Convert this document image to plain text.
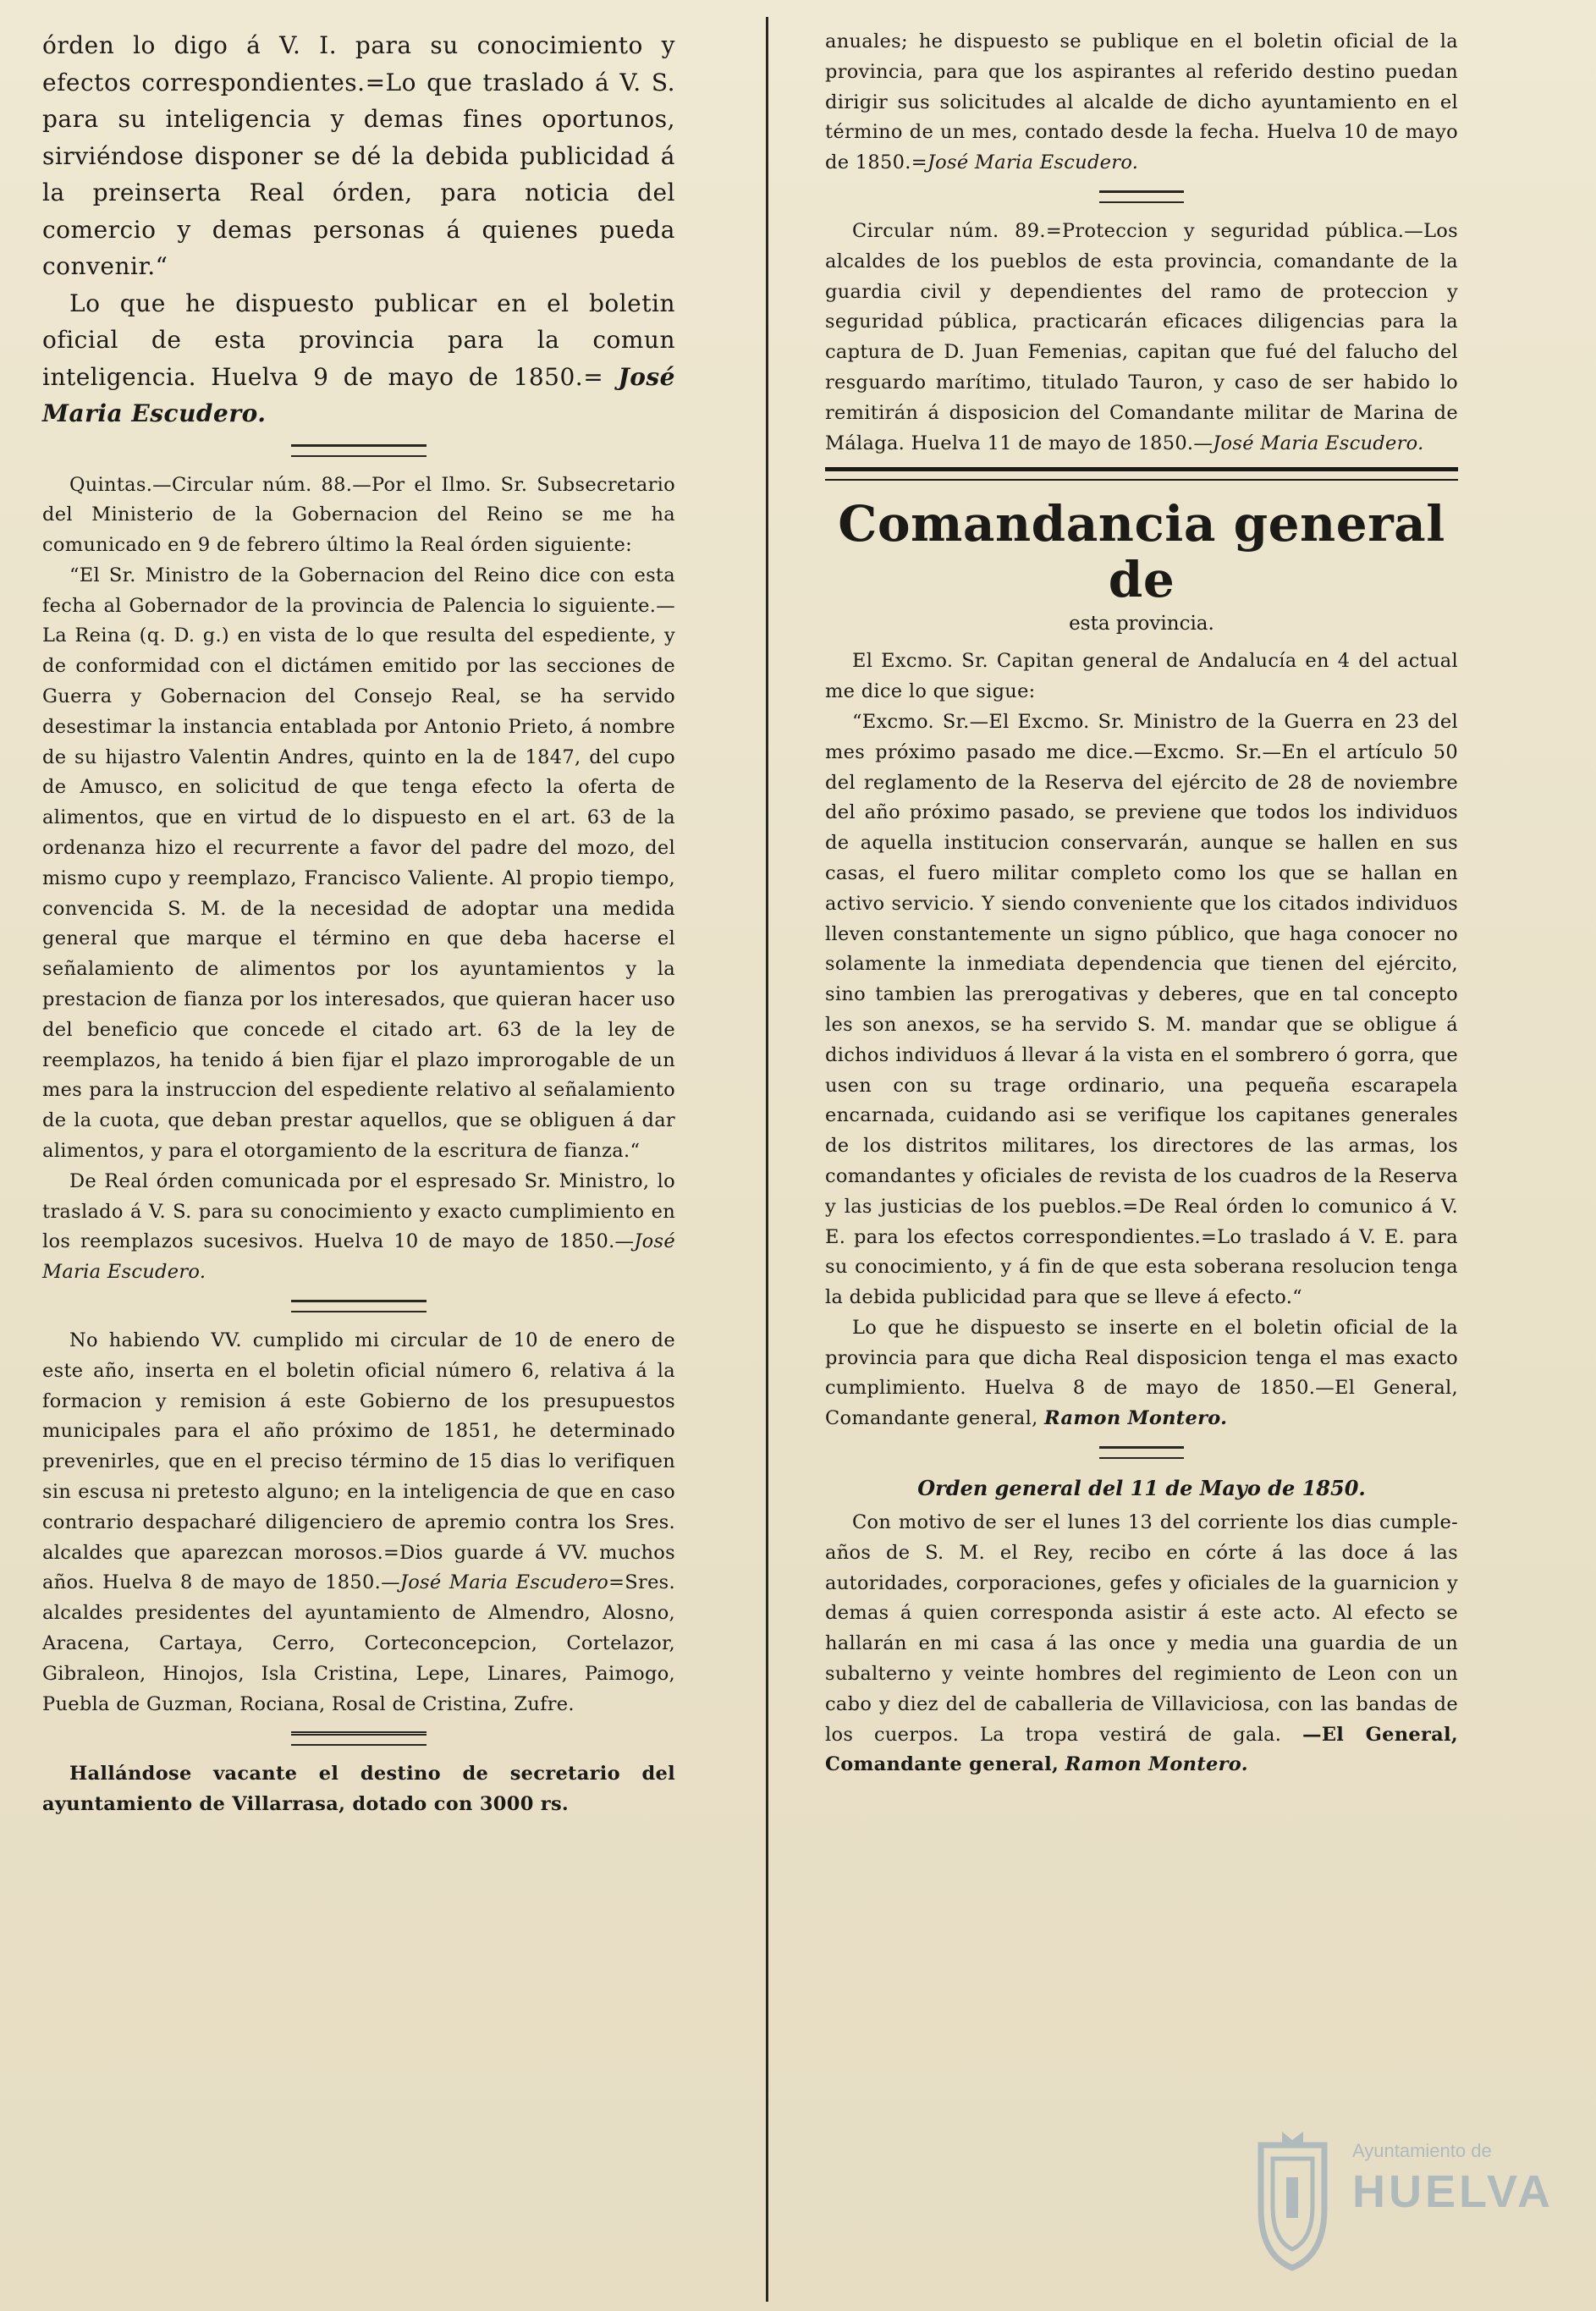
órden lo digo á V. I. para su conocimiento y efectos correspondientes.=Lo que traslado á V. S. para su inteligencia y demas fines oportunos, sirviéndose disponer se dé la debida publicidad á la preinserta Real órden, para noticia del comercio y demas personas á quienes pueda convenir.“

Lo que he dispuesto publicar en el boletin oficial de esta provincia para la comun inteligencia. Huelva 9 de mayo de 1850.= José Maria Escudero.

Quintas.—Circular núm. 88.—Por el Ilmo. Sr. Subsecretario del Ministerio de la Gobernacion del Reino se me ha comunicado en 9 de febrero último la Real órden siguiente:

“El Sr. Ministro de la Gobernacion del Reino dice con esta fecha al Gobernador de la provincia de Palencia lo siguiente.—La Reina (q. D. g.) en vista de lo que resulta del espediente, y de conformidad con el dictámen emitido por las secciones de Guerra y Gobernacion del Consejo Real, se ha servido desestimar la instancia entablada por Antonio Prieto, á nombre de su hijastro Valentin Andres, quinto en la de 1847, del cupo de Amusco, en solicitud de que tenga efecto la oferta de alimentos, que en virtud de lo dispuesto en el art. 63 de la ordenanza hizo el recurrente a favor del padre del mozo, del mismo cupo y reemplazo, Francisco Valiente. Al propio tiempo, convencida S. M. de la necesidad de adoptar una medida general que marque el término en que deba hacerse el señalamiento de alimentos por los ayuntamientos y la prestacion de fianza por los interesados, que quieran hacer uso del beneficio que concede el citado art. 63 de la ley de reemplazos, ha tenido á bien fijar el plazo improrogable de un mes para la instruccion del espediente relativo al señalamiento de la cuota, que deban prestar aquellos, que se obliguen á dar alimentos, y para el otorgamiento de la escritura de fianza.“

De Real órden comunicada por el espresado Sr. Ministro, lo traslado á V. S. para su conocimiento y exacto cumplimiento en los reemplazos sucesivos. Huelva 10 de mayo de 1850.—José Maria Escudero.

No habiendo VV. cumplido mi circular de 10 de enero de este año, inserta en el boletin oficial número 6, relativa á la formacion y remision á este Gobierno de los presupuestos municipales para el año próximo de 1851, he determinado prevenirles, que en el preciso término de 15 dias lo verifiquen sin escusa ni pretesto alguno; en la inteligencia de que en caso contrario despacharé diligenciero de apremio contra los Sres. alcaldes que aparezcan morosos.=Dios guarde á VV. muchos años. Huelva 8 de mayo de 1850.—José Maria Escudero=Sres. alcaldes presidentes del ayuntamiento de Almendro, Alosno, Aracena, Cartaya, Cerro, Corteconcepcion, Cortelazor, Gibraleon, Hinojos, Isla Cristina, Lepe, Linares, Paimogo, Puebla de Guzman, Rociana, Rosal de Cristina, Zufre.

Hallándose vacante el destino de secretario del ayuntamiento de Villarrasa, dotado con 3000 rs.

anuales; he dispuesto se publique en el boletin oficial de la provincia, para que los aspirantes al referido destino puedan dirigir sus solicitudes al alcalde de dicho ayuntamiento en el término de un mes, contado desde la fecha. Huelva 10 de mayo de 1850.=José Maria Escudero.

Circular núm. 89.=Proteccion y seguridad pública.—Los alcaldes de los pueblos de esta provincia, comandante de la guardia civil y dependientes del ramo de proteccion y seguridad pública, practicarán eficaces diligencias para la captura de D. Juan Femenias, capitan que fué del falucho del resguardo marítimo, titulado Tauron, y caso de ser habido lo remitirán á disposicion del Comandante militar de Marina de Málaga. Huelva 11 de mayo de 1850.—José Maria Escudero.

Comandancia general de
esta provincia.

El Excmo. Sr. Capitan general de Andalucía en 4 del actual me dice lo que sigue:

“Excmo. Sr.—El Excmo. Sr. Ministro de la Guerra en 23 del mes próximo pasado me dice.—Excmo. Sr.—En el artículo 50 del reglamento de la Reserva del ejército de 28 de noviembre del año próximo pasado, se previene que todos los individuos de aquella institucion conservarán, aunque se hallen en sus casas, el fuero militar completo como los que se hallan en activo servicio. Y siendo conveniente que los citados individuos lleven constantemente un signo público, que haga conocer no solamente la inmediata dependencia que tienen del ejército, sino tambien las prerogativas y deberes, que en tal concepto les son anexos, se ha servido S. M. mandar que se obligue á dichos individuos á llevar á la vista en el sombrero ó gorra, que usen con su trage ordinario, una pequeña escarapela encarnada, cuidando asi se verifique los capitanes generales de los distritos militares, los directores de las armas, los comandantes y oficiales de revista de los cuadros de la Reserva y las justicias de los pueblos.=De Real órden lo comunico á V. E. para los efectos correspondientes.=Lo traslado á V. E. para su conocimiento, y á fin de que esta soberana resolucion tenga la debida publicidad para que se lleve á efecto.“

Lo que he dispuesto se inserte en el boletin oficial de la provincia para que dicha Real disposicion tenga el mas exacto cumplimiento. Huelva 8 de mayo de 1850.—El General, Comandante general, Ramon Montero.

Orden general del 11 de Mayo de 1850.

Con motivo de ser el lunes 13 del corriente los dias cumple-años de S. M. el Rey, recibo en córte á las doce á las autoridades, corporaciones, gefes y oficiales de la guarnicion y demas á quien corresponda asistir á este acto. Al efecto se hallarán en mi casa á las once y media una guardia de un subalterno y veinte hombres del regimiento de Leon con un cabo y diez del de caballeria de Villaviciosa, con las bandas de los cuerpos. La tropa vestirá de gala. —El General, Comandante general, Ramon Montero.

Ayuntamiento de
HUELVA
